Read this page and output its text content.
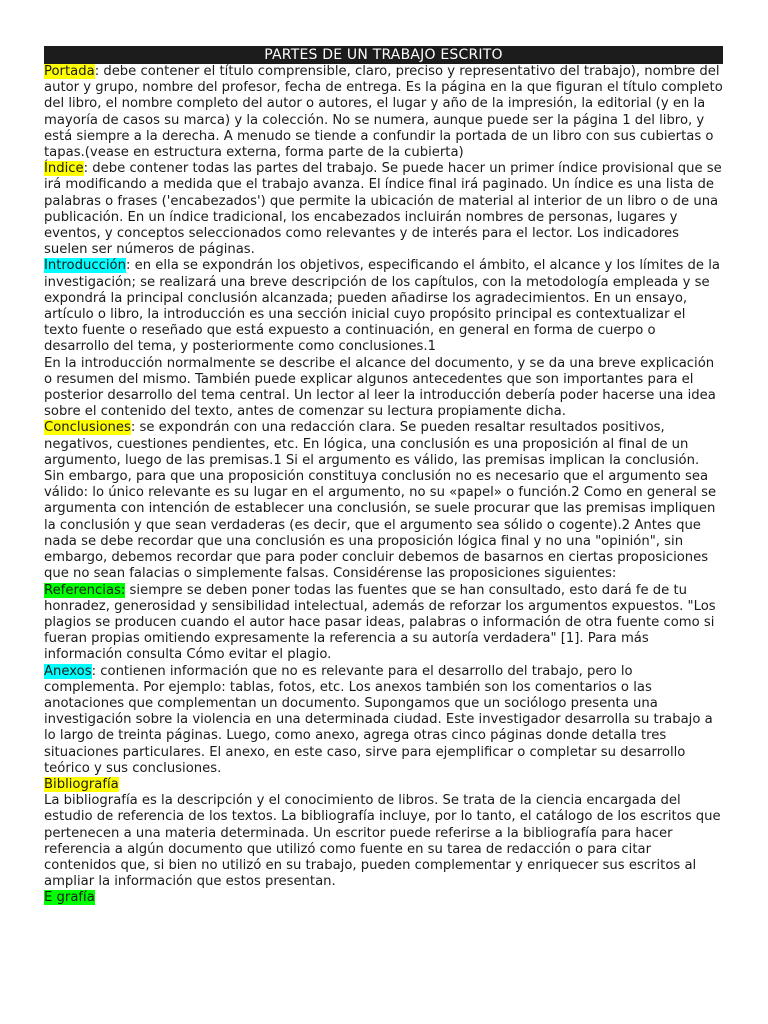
PARTES DE UN TRABAJO ESCRITO

Portada: debe contener el título comprensible, claro, preciso y representativo del trabajo), nombre del autor y grupo, nombre del profesor, fecha de entrega. Es la página en la que figuran el título completo del libro, el nombre completo del autor o autores, el lugar y año de la impresión, la editorial (y en la mayoría de casos su marca) y la colección. No se numera, aunque puede ser la página 1 del libro, y está siempre a la derecha. A menudo se tiende a confundir la portada de un libro con sus cubiertas o tapas.(vease en estructura externa, forma parte de la cubierta)

Índice: debe contener todas las partes del trabajo. Se puede hacer un primer índice provisional que se irá modificando a medida que el trabajo avanza. El índice final irá paginado. Un índice es una lista de palabras o frases ('encabezados') que permite la ubicación de material al interior de un libro o de una publicación. En un índice tradicional, los encabezados incluirán nombres de personas, lugares y eventos, y conceptos seleccionados como relevantes y de interés para el lector. Los indicadores suelen ser números de páginas.

Introducción: en ella se expondrán los objetivos, especificando el ámbito, el alcance y los límites de la investigación; se realizará una breve descripción de los capítulos, con la metodología empleada y se expondrá la principal conclusión alcanzada; pueden añadirse los agradecimientos. En un ensayo, artículo o libro, la introducción es una sección inicial cuyo propósito principal es contextualizar el texto fuente o reseñado que está expuesto a continuación, en general en forma de cuerpo o desarrollo del tema, y posteriormente como conclusiones.1

En la introducción normalmente se describe el alcance del documento, y se da una breve explicación o resumen del mismo. También puede explicar algunos antecedentes que son importantes para el posterior desarrollo del tema central. Un lector al leer la introducción debería poder hacerse una idea sobre el contenido del texto, antes de comenzar su lectura propiamente dicha.

Conclusiones: se expondrán con una redacción clara. Se pueden resaltar resultados positivos, negativos, cuestiones pendientes, etc. En lógica, una conclusión es una proposición al final de un argumento, luego de las premisas.1 Si el argumento es válido, las premisas implican la conclusión. Sin embargo, para que una proposición constituya conclusión no es necesario que el argumento sea válido: lo único relevante es su lugar en el argumento, no su «papel» o función.2 Como en general se argumenta con intención de establecer una conclusión, se suele procurar que las premisas impliquen la conclusión y que sean verdaderas (es decir, que el argumento sea sólido o cogente).2 Antes que nada se debe recordar que una conclusión es una proposición lógica final y no una "opinión", sin embargo, debemos recordar que para poder concluir debemos de basarnos en ciertas proposiciones que no sean falacias o simplemente falsas. Considérense las proposiciones siguientes:

Referencias: siempre se deben poner todas las fuentes que se han consultado, esto dará fe de tu honradez, generosidad y sensibilidad intelectual, además de reforzar los argumentos expuestos. "Los plagios se producen cuando el autor hace pasar ideas, palabras o información de otra fuente como si fueran propias omitiendo expresamente la referencia a su autoría verdadera" [1]. Para más información consulta Cómo evitar el plagio.

Anexos: contienen información que no es relevante para el desarrollo del trabajo, pero lo complementa. Por ejemplo: tablas, fotos, etc. Los anexos también son los comentarios o las anotaciones que complementan un documento. Supongamos que un sociólogo presenta una investigación sobre la violencia en una determinada ciudad. Este investigador desarrolla su trabajo a lo largo de treinta páginas. Luego, como anexo, agrega otras cinco páginas donde detalla tres situaciones particulares. El anexo, en este caso, sirve para ejemplificar o completar su desarrollo teórico y sus conclusiones.

Bibliografía

La bibliografía es la descripción y el conocimiento de libros. Se trata de la ciencia encargada del estudio de referencia de los textos. La bibliografía incluye, por lo tanto, el catálogo de los escritos que pertenecen a una materia determinada. Un escritor puede referirse a la bibliografía para hacer referencia a algún documento que utilizó como fuente en su tarea de redacción o para citar contenidos que, si bien no utilizó en su trabajo, pueden complementar y enriquecer sus escritos al ampliar la información que estos presentan.

E grafía
